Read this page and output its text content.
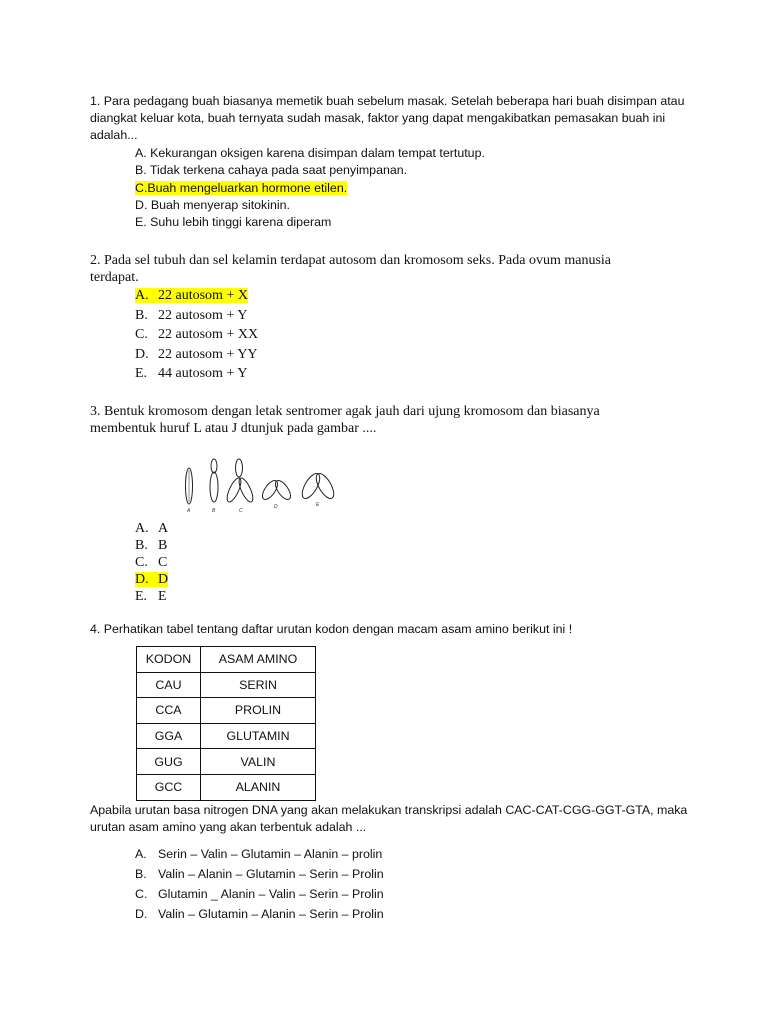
1. Para pedagang buah biasanya memetik buah sebelum masak. Setelah beberapa hari buah disimpan atau diangkat keluar kota, buah ternyata sudah masak, faktor yang dapat mengakibatkan pemasakan buah ini adalah...

A. Kekurangan oksigen karena disimpan dalam tempat tertutup.
B. Tidak terkena cahaya pada saat penyimpanan.
C.Buah mengeluarkan hormone etilen.
D. Buah menyerap sitokinin.
E. Suhu lebih tinggi karena diperam

2. Pada sel tubuh dan sel kelamin terdapat autosom dan kromosom seks. Pada ovum manusia terdapat.

A. 22 autosom + X
B. 22 autosom + Y
C. 22 autosom + XX
D. 22 autosom + YY
E. 44 autosom + Y

3. Bentuk kromosom dengan letak sentromer agak jauh dari ujung kromosom dan biasanya membentuk huruf L atau J dtunjuk pada gambar ....

A	B	C
D	E
A. A
B. B
C. C
D. D
E. E

4. Perhatikan tabel tentang daftar urutan kodon dengan macam asam amino berikut ini !

KODON	ASAM AMINO
CAU	SERIN
CCA	PROLIN
GGA	GLUTAMIN
GUG	VALIN
GCC	ALANIN

Apabila urutan basa nitrogen DNA yang akan melakukan transkripsi adalah CAC-CAT-CGG-GGT-GTA, maka urutan asam amino yang akan terbentuk adalah ...

A. Serin – Valin – Glutamin – Alanin – prolin
B. Valin – Alanin – Glutamin – Serin – Prolin
C. Glutamin _ Alanin – Valin – Serin – Prolin
D. Valin – Glutamin – Alanin – Serin – Prolin
